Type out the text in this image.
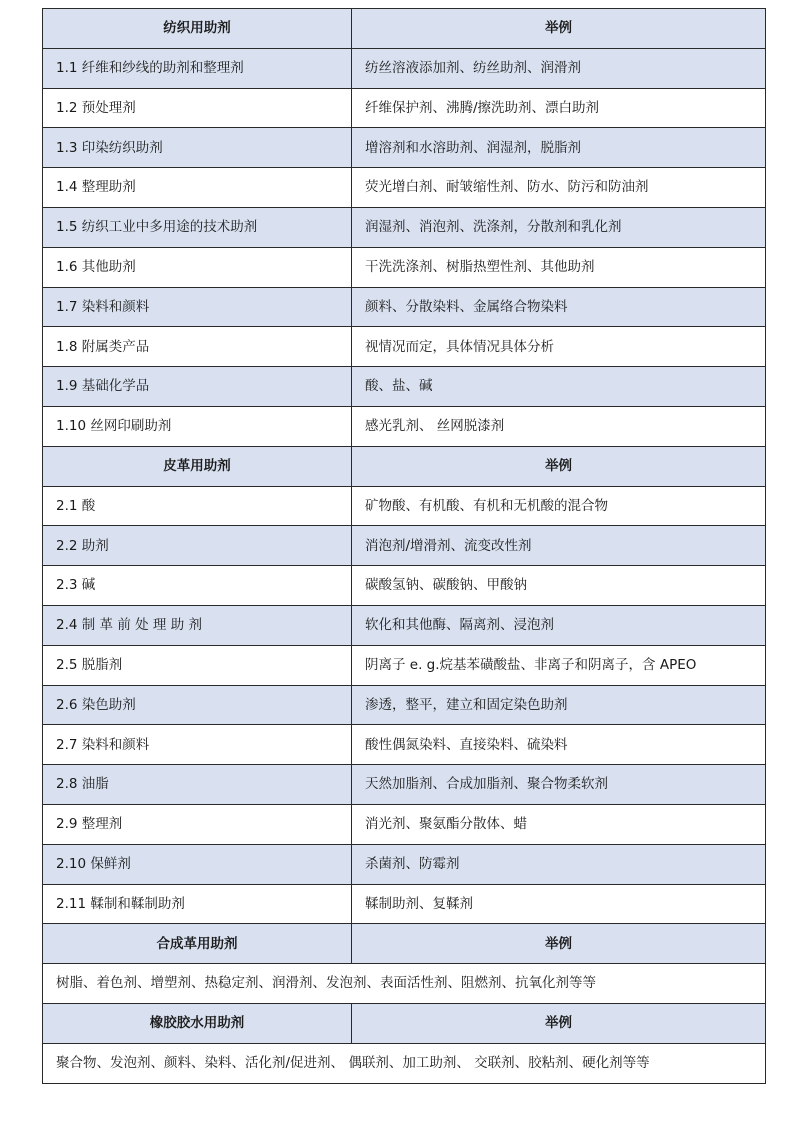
纺织用助剂	举例
1.1 纤维和纱线的助剂和整理剂	纺丝溶液添加剂、纺丝助剂、润滑剂
1.2 预处理剂	纤维保护剂、沸腾/擦洗助剂、漂白助剂
1.3 印染纺织助剂	增溶剂和水溶助剂、润湿剂，脱脂剂
1.4 整理助剂	荧光增白剂、耐皱缩性剂、防水、防污和防油剂
1.5 纺织工业中多用途的技术助剂	润湿剂、消泡剂、洗涤剂，分散剂和乳化剂
1.6 其他助剂	干洗洗涤剂、树脂热塑性剂、其他助剂
1.7 染料和颜料	颜料、分散染料、金属络合物染料
1.8 附属类产品	视情况而定，具体情况具体分析
1.9 基础化学品	酸、盐、碱
1.10 丝网印刷助剂	感光乳剂、 丝网脱漆剂
皮革用助剂	举例
2.1 酸	矿物酸、有机酸、有机和无机酸的混合物
2.2 助剂	消泡剂/增滑剂、流变改性剂
2.3 碱	碳酸氢钠、碳酸钠、甲酸钠
2.4 制 革 前 处 理 助 剂	软化和其他酶、隔离剂、浸泡剂
2.5 脱脂剂	阴离子 e. g.烷基苯磺酸盐、非离子和阴离子，含 APEO
2.6 染色助剂	渗透，整平，建立和固定染色助剂
2.7 染料和颜料	酸性偶氮染料、直接染料、硫染料
2.8 油脂	天然加脂剂、合成加脂剂、聚合物柔软剂
2.9 整理剂	消光剂、聚氨酯分散体、蜡
2.10 保鲜剂	杀菌剂、防霉剂
2.11 鞣制和鞣制助剂	鞣制助剂、复鞣剂
合成革用助剂	举例
树脂、着色剂、增塑剂、热稳定剂、润滑剂、发泡剂、表面活性剂、阻燃剂、抗氧化剂等等	
橡胶胶水用助剂	举例
聚合物、发泡剂、颜料、染料、活化剂/促进剂、 偶联剂、加工助剂、 交联剂、胶粘剂、硬化剂等等	
